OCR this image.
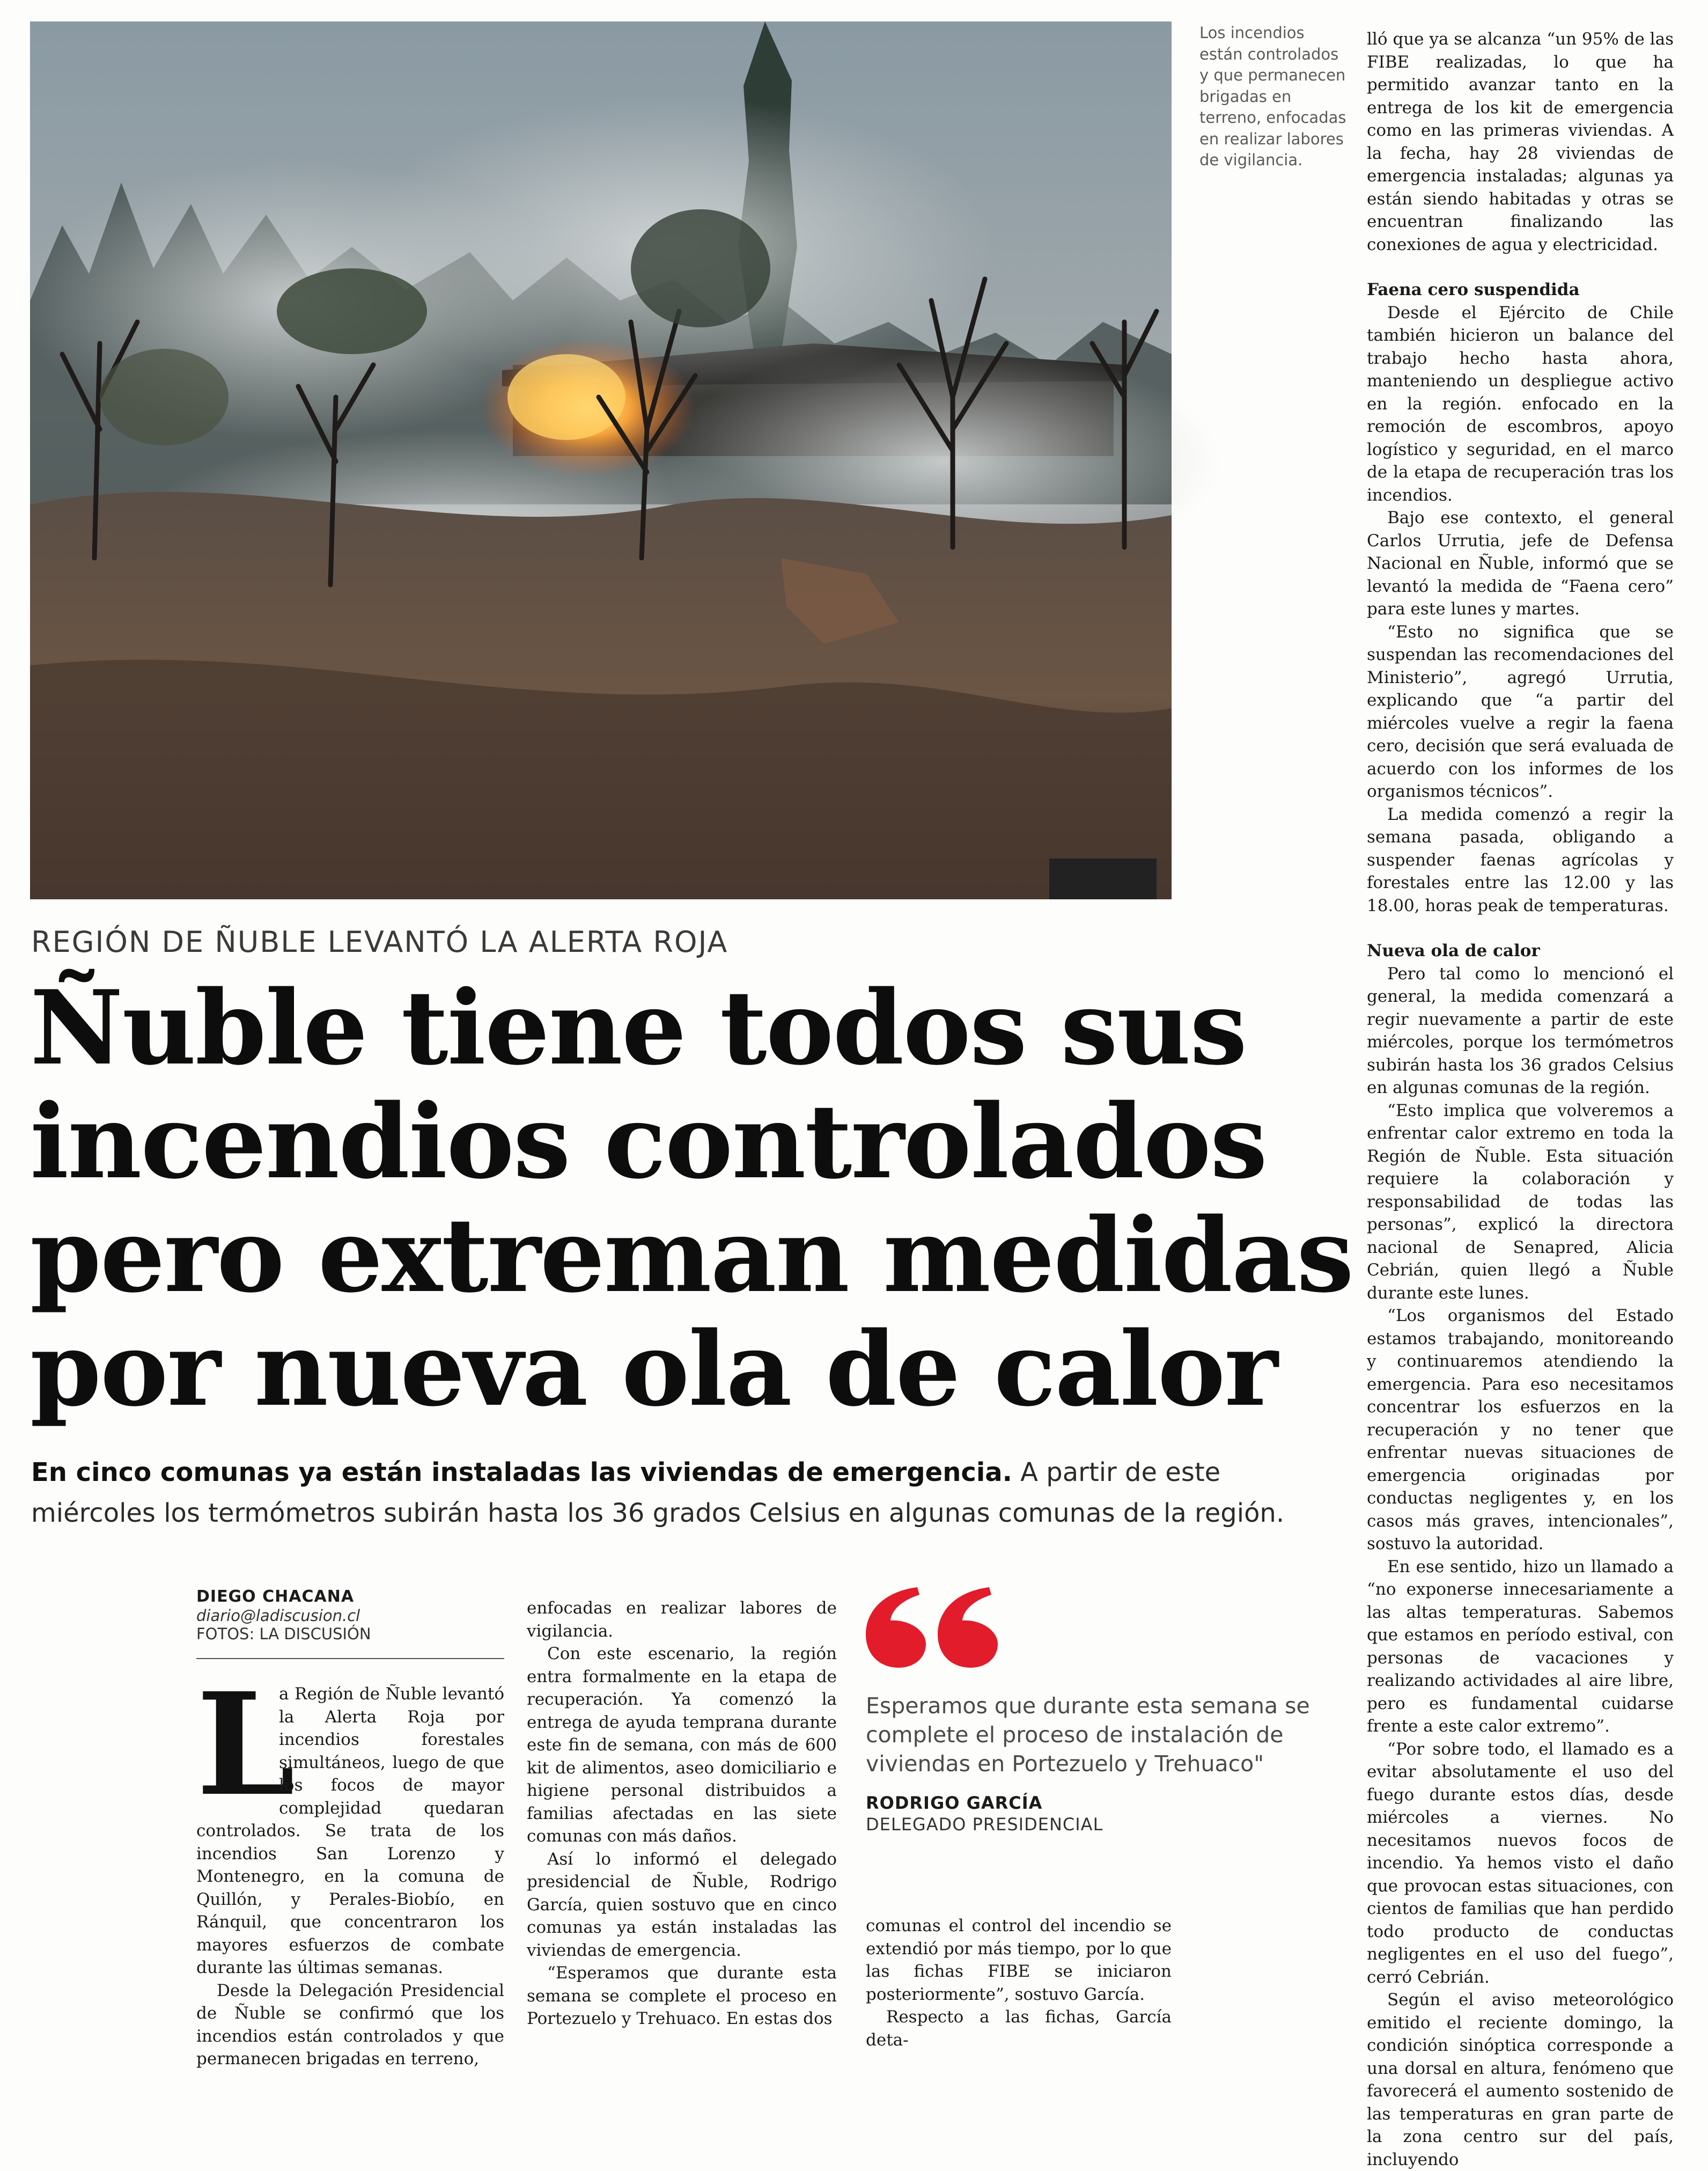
Los incendios están controlados y que permanecen brigadas en terreno, enfocadas en realizar labores de vigilancia.
REGIÓN DE ÑUBLE LEVANTÓ LA ALERTA ROJA
Ñuble tiene todos sus
incendios controlados
pero extreman medidas
por nueva ola de calor
En cinco comunas ya están instaladas las viviendas de emergencia. A partir de este miércoles los termómetros subirán hasta los 36 grados Celsius en algunas comunas de la región.
DIEGO CHACANA
diario@ladiscusion.cl
FOTOS: LA DISCUSIÓN
L

a Región de Ñuble levantó la Alerta Roja por incendios forestales simultáneos, luego de que los focos de mayor complejidad quedaran controlados. Se trata de los incendios San Lorenzo y Montenegro, en la comuna de Quillón, y Perales-Biobío, en Ránquil, que concentraron los mayores esfuerzos de combate durante las últimas semanas.

Desde la Delegación Presidencial de Ñuble se confirmó que los incendios están controlados y que permanecen brigadas en terreno,

enfocadas en realizar labores de vigilancia.

Con este escenario, la región entra formalmente en la etapa de recuperación. Ya comenzó la entrega de ayuda temprana durante este fin de semana, con más de 600 kit de alimentos, aseo domiciliario e higiene personal distribuidos a familias afectadas en las siete comunas con más daños.

Así lo informó el delegado presidencial de Ñuble, Rodrigo García, quien sostuvo que en cinco comunas ya están instaladas las viviendas de emergencia.

“Esperamos que durante esta semana se complete el proceso en Portezuelo y Trehuaco. En estas dos

Esperamos que durante esta semana se complete el proceso de instalación de viviendas en Portezuelo y Trehuaco"
RODRIGO GARCÍA
DELEGADO PRESIDENCIAL

comunas el control del incendio se extendió por más tiempo, por lo que las fichas FIBE se iniciaron posteriormente”, sostuvo García.

Respecto a las fichas, García deta-

lló que ya se alcanza “un 95% de las FIBE realizadas, lo que ha permitido avanzar tanto en la entrega de los kit de emergencia como en las primeras viviendas. A la fecha, hay 28 viviendas de emergencia instaladas; algunas ya están siendo habitadas y otras se encuentran finalizando las conexiones de agua y electricidad.

Faena cero suspendida

Desde el Ejército de Chile también hicieron un balance del trabajo hecho hasta ahora, manteniendo un despliegue activo en la región. enfocado en la remoción de escombros, apoyo logístico y seguridad, en el marco de la etapa de recuperación tras los incendios.

Bajo ese contexto, el general Carlos Urrutia, jefe de Defensa Nacional en Ñuble, informó que se levantó la medida de “Faena cero” para este lunes y martes.

“Esto no significa que se suspendan las recomendaciones del Ministerio”, agregó Urrutia, explicando que “a partir del miércoles vuelve a regir la faena cero, decisión que será evaluada de acuerdo con los informes de los organismos técnicos”.

La medida comenzó a regir la semana pasada, obligando a suspender faenas agrícolas y forestales entre las 12.00 y las 18.00, horas peak de temperaturas.

Nueva ola de calor

Pero tal como lo mencionó el general, la medida comenzará a regir nuevamente a partir de este miércoles, porque los termómetros subirán hasta los 36 grados Celsius en algunas comunas de la región.

“Esto implica que volveremos a enfrentar calor extremo en toda la Región de Ñuble. Esta situación requiere la colaboración y responsabilidad de todas las personas”, explicó la directora nacional de Senapred, Alicia Cebrián, quien llegó a Ñuble durante este lunes.

“Los organismos del Estado estamos trabajando, monitoreando y continuaremos atendiendo la emergencia. Para eso necesitamos concentrar los esfuerzos en la recuperación y no tener que enfrentar nuevas situaciones de emergencia originadas por conductas negligentes y, en los casos más graves, intencionales”, sostuvo la autoridad.

En ese sentido, hizo un llamado a “no exponerse innecesariamente a las altas temperaturas. Sabemos que estamos en período estival, con personas de vacaciones y realizando actividades al aire libre, pero es fundamental cuidarse frente a este calor extremo”.

“Por sobre todo, el llamado es a evitar absolutamente el uso del fuego durante estos días, desde miércoles a viernes. No necesitamos nuevos focos de incendio. Ya hemos visto el daño que provocan estas situaciones, con cientos de familias que han perdido todo producto de conductas negligentes en el uso del fuego”, cerró Cebrián.

Según el aviso meteorológico emitido el reciente domingo, la condición sinóptica corresponde a una dorsal en altura, fenómeno que favorecerá el aumento sostenido de las temperaturas en gran parte de la zona centro sur del país, incluyendo
